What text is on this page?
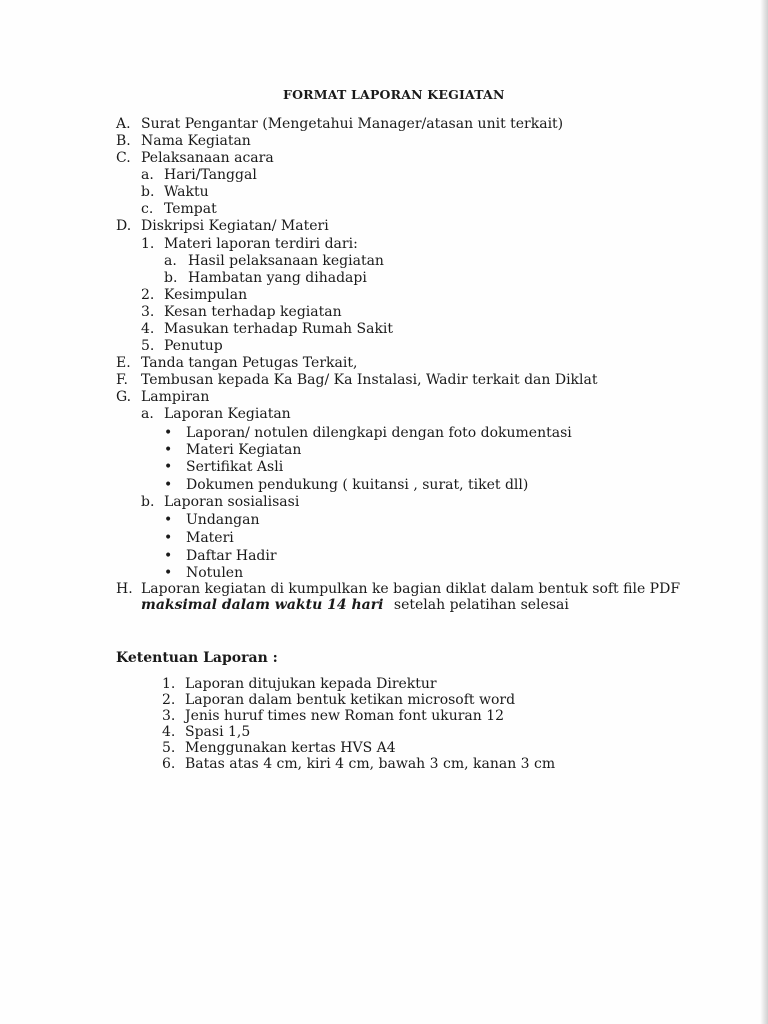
FORMAT LAPORAN KEGIATAN
A. Surat Pengantar (Mengetahui Manager/atasan unit terkait)
B. Nama Kegiatan
C. Pelaksanaan acara
a. Hari/Tanggal
b. Waktu
c. Tempat
D. Diskripsi Kegiatan/ Materi
1. Materi laporan terdiri dari:
a. Hasil pelaksanaan kegiatan
b. Hambatan yang dihadapi
2. Kesimpulan
3. Kesan terhadap kegiatan
4. Masukan terhadap Rumah Sakit
5. Penutup
E. Tanda tangan Petugas Terkait,
F. Tembusan kepada Ka Bag/ Ka Instalasi, Wadir terkait dan Diklat
G. Lampiran
a. Laporan Kegiatan
• Laporan/ notulen dilengkapi dengan foto dokumentasi
• Materi Kegiatan
• Sertifikat Asli
• Dokumen pendukung ( kuitansi , surat, tiket dll)
b. Laporan sosialisasi
• Undangan
• Materi
• Daftar Hadir
• Notulen
H. Laporan kegiatan di kumpulkan ke bagian diklat dalam bentuk soft file PDF
maksimal dalam waktu 14 hari setelah pelatihan selesai
Ketentuan Laporan :
1. Laporan ditujukan kepada Direktur
2. Laporan dalam bentuk ketikan microsoft word
3. Jenis huruf times new Roman font ukuran 12
4. Spasi 1,5
5. Menggunakan kertas HVS A4
6. Batas atas 4 cm, kiri 4 cm, bawah 3 cm, kanan 3 cm
